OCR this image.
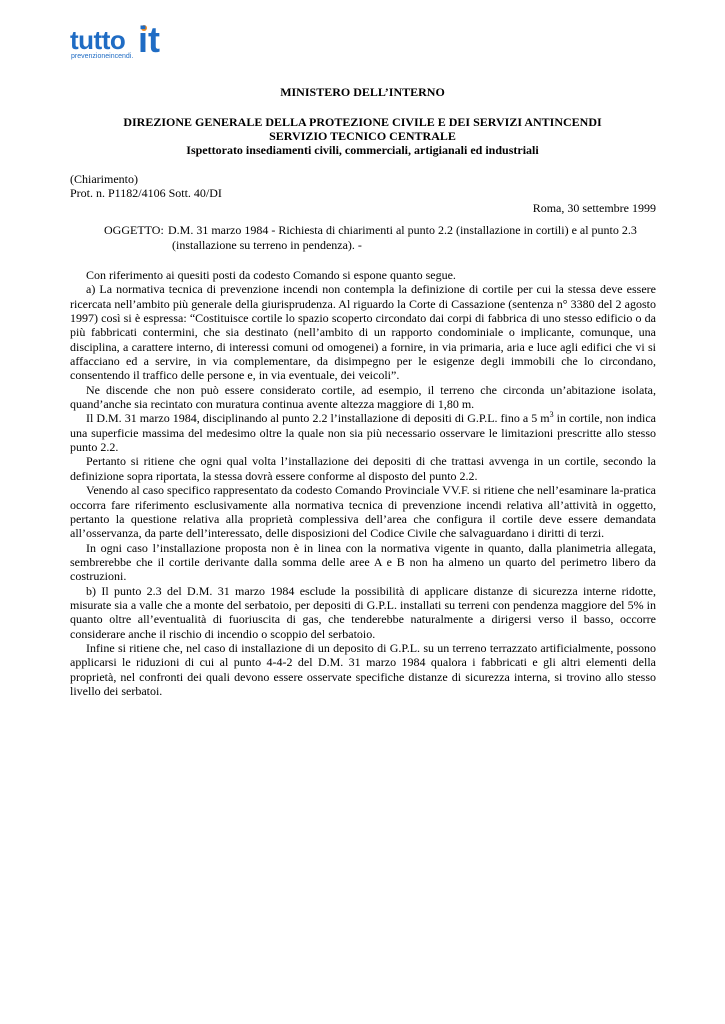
tutto it
prevenzioneincendi.
MINISTERO DELL’INTERNO
DIREZIONE GENERALE DELLA PROTEZIONE CIVILE E DEI SERVIZI ANTINCENDI
SERVIZIO TECNICO CENTRALE
Ispettorato insediamenti civili, commerciali, artigianali ed industriali
(Chiarimento)
Prot. n. P1182/4106 Sott. 40/DI
Roma, 30 settembre 1999
OGGETTO: D.M. 31 marzo 1984 - Richiesta di chiarimenti al punto 2.2 (installazione in cortili) e al punto 2.3 (installazione su terreno in pendenza). -

Con riferimento ai quesiti posti da codesto Comando si espone quanto segue.

a) La normativa tecnica di prevenzione incendi non contempla la definizione di cortile per cui la stessa deve essere ricercata nell’ambito più generale della giurisprudenza. Al riguardo la Corte di Cassazione (sentenza n° 3380 del 2 agosto 1997) così si è espressa: “Costituisce cortile lo spazio scoperto circondato dai corpi di fabbrica di uno stesso edificio o da più fabbricati contermini, che sia destinato (nell’ambito di un rapporto condominiale o implicante, comunque, una disciplina, a carattere interno, di interessi comuni od omogenei) a fornire, in via primaria, aria e luce agli edifici che vi si affacciano ed a servire, in via complementare, da disimpegno per le esigenze degli immobili che lo circondano, consentendo il traffico delle persone e, in via eventuale, dei veicoli”.

Ne discende che non può essere considerato cortile, ad esempio, il terreno che circonda un’abitazione isolata, quand’anche sia recintato con muratura continua avente altezza maggiore di 1,80 m.

Il D.M. 31 marzo 1984, disciplinando al punto 2.2 l’installazione di depositi di G.P.L. fino a 5 $m^3$ in cortile, non indica una superficie massima del medesimo oltre la quale non sia più necessario osservare le limitazioni prescritte allo stesso punto 2.2.

Pertanto si ritiene che ogni qual volta l’installazione dei depositi di che trattasi avvenga in un cortile, secondo la definizione sopra riportata, la stessa dovrà essere conforme al disposto del punto 2.2.

Venendo al caso specifico rappresentato da codesto Comando Provinciale VV.F. si ritiene che nell’esaminare la-pratica occorra fare riferimento esclusivamente alla normativa tecnica di prevenzione incendi relativa all’attività in oggetto, pertanto la questione relativa alla proprietà complessiva dell’area che configura il cortile deve essere demandata all’osservanza, da parte dell’interessato, delle disposizioni del Codice Civile che salvaguardano i diritti di terzi.

In ogni caso l’installazione proposta non è in linea con la normativa vigente in quanto, dalla planimetria allegata, sembrerebbe che il cortile derivante dalla somma delle aree A e B non ha almeno un quarto del perimetro libero da costruzioni.

b) Il punto 2.3 del D.M. 31 marzo 1984 esclude la possibilità di applicare distanze di sicurezza interne ridotte, misurate sia a valle che a monte del serbatoio, per depositi di G.P.L. installati su terreni con pendenza maggiore del 5% in quanto oltre all’eventualità di fuoriuscita di gas, che tenderebbe naturalmente a dirigersi verso il basso, occorre considerare anche il rischio di incendio o scoppio del serbatoio.

Infine si ritiene che, nel caso di installazione di un deposito di G.P.L. su un terreno terrazzato artificialmente, possono applicarsi le riduzioni di cui al punto 4-4-2 del D.M. 31 marzo 1984 qualora i fabbricati e gli altri elementi della proprietà, nel confronti dei quali devono essere osservate specifiche distanze di sicurezza interna, si trovino allo stesso livello dei serbatoi.
